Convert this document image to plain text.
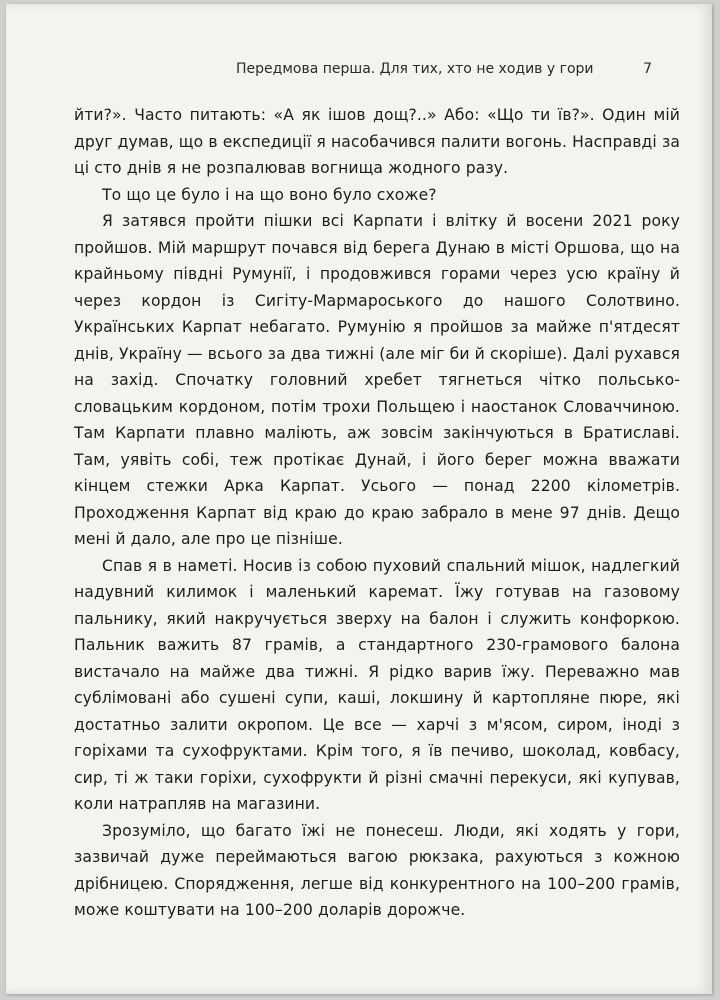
Передмова перша. Для тих, хто не ходив у гори	7

йти?». Часто питають: «А як ішов дощ?..» Або: «Що ти їв?». Один мій друг думав, що в експедиції я насобачився палити вогонь. Насправді за ці сто днів я не розпалював вогнища жодного разу.

То що це було і на що воно було схоже?

Я затявся пройти пішки всі Карпати і влітку й восени 2021 року пройшов. Мій маршрут почався від берега Дунаю в місті Оршова, що на крайньому півдні Румунії, і продовжився горами через усю країну й через кордон із Сигіту-Мармароського до нашого Солотвино. Українських Карпат небагато. Румунію я пройшов за майже п'ятдесят днів, Україну — всього за два тижні (але міг би й скоріше). Далі рухався на захід. Спочатку головний хребет тягнеться чітко польсько-словацьким кордоном, потім трохи Польщею і наостанок Словаччиною. Там Карпати плавно маліють, аж зовсім закінчуються в Братиславі. Там, уявіть собі, теж протікає Дунай, і його берег можна вважати кінцем стежки Арка Карпат. Усього — понад 2200 кілометрів. Проходження Карпат від краю до краю забрало в мене 97 днів. Дещо мені й дало, але про це пізніше.

Спав я в наметі. Носив із собою пуховий спальний мішок, надлегкий надувний килимок і маленький каремат. Їжу готував на газовому пальнику, який накручується зверху на балон і служить конфоркою. Пальник важить 87 грамів, а стандартного 230-грамового балона вистачало на майже два тижні. Я рідко варив їжу. Переважно мав сублімовані або сушені супи, каші, локшину й картопляне пюре, які достатньо залити окропом. Це все — харчі з м'ясом, сиром, іноді з горіхами та сухофруктами. Крім того, я їв печиво, шоколад, ковбасу, сир, ті ж таки горіхи, сухофрукти й різні смачні перекуси, які купував, коли натрапляв на магазини.

Зрозуміло, що багато їжі не понесеш. Люди, які ходять у гори, зазвичай дуже переймаються вагою рюкзака, рахуються з кожною дрібницею. Спорядження, легше від конкурентного на 100–200 грамів, може коштувати на 100–200 доларів дорожче.
